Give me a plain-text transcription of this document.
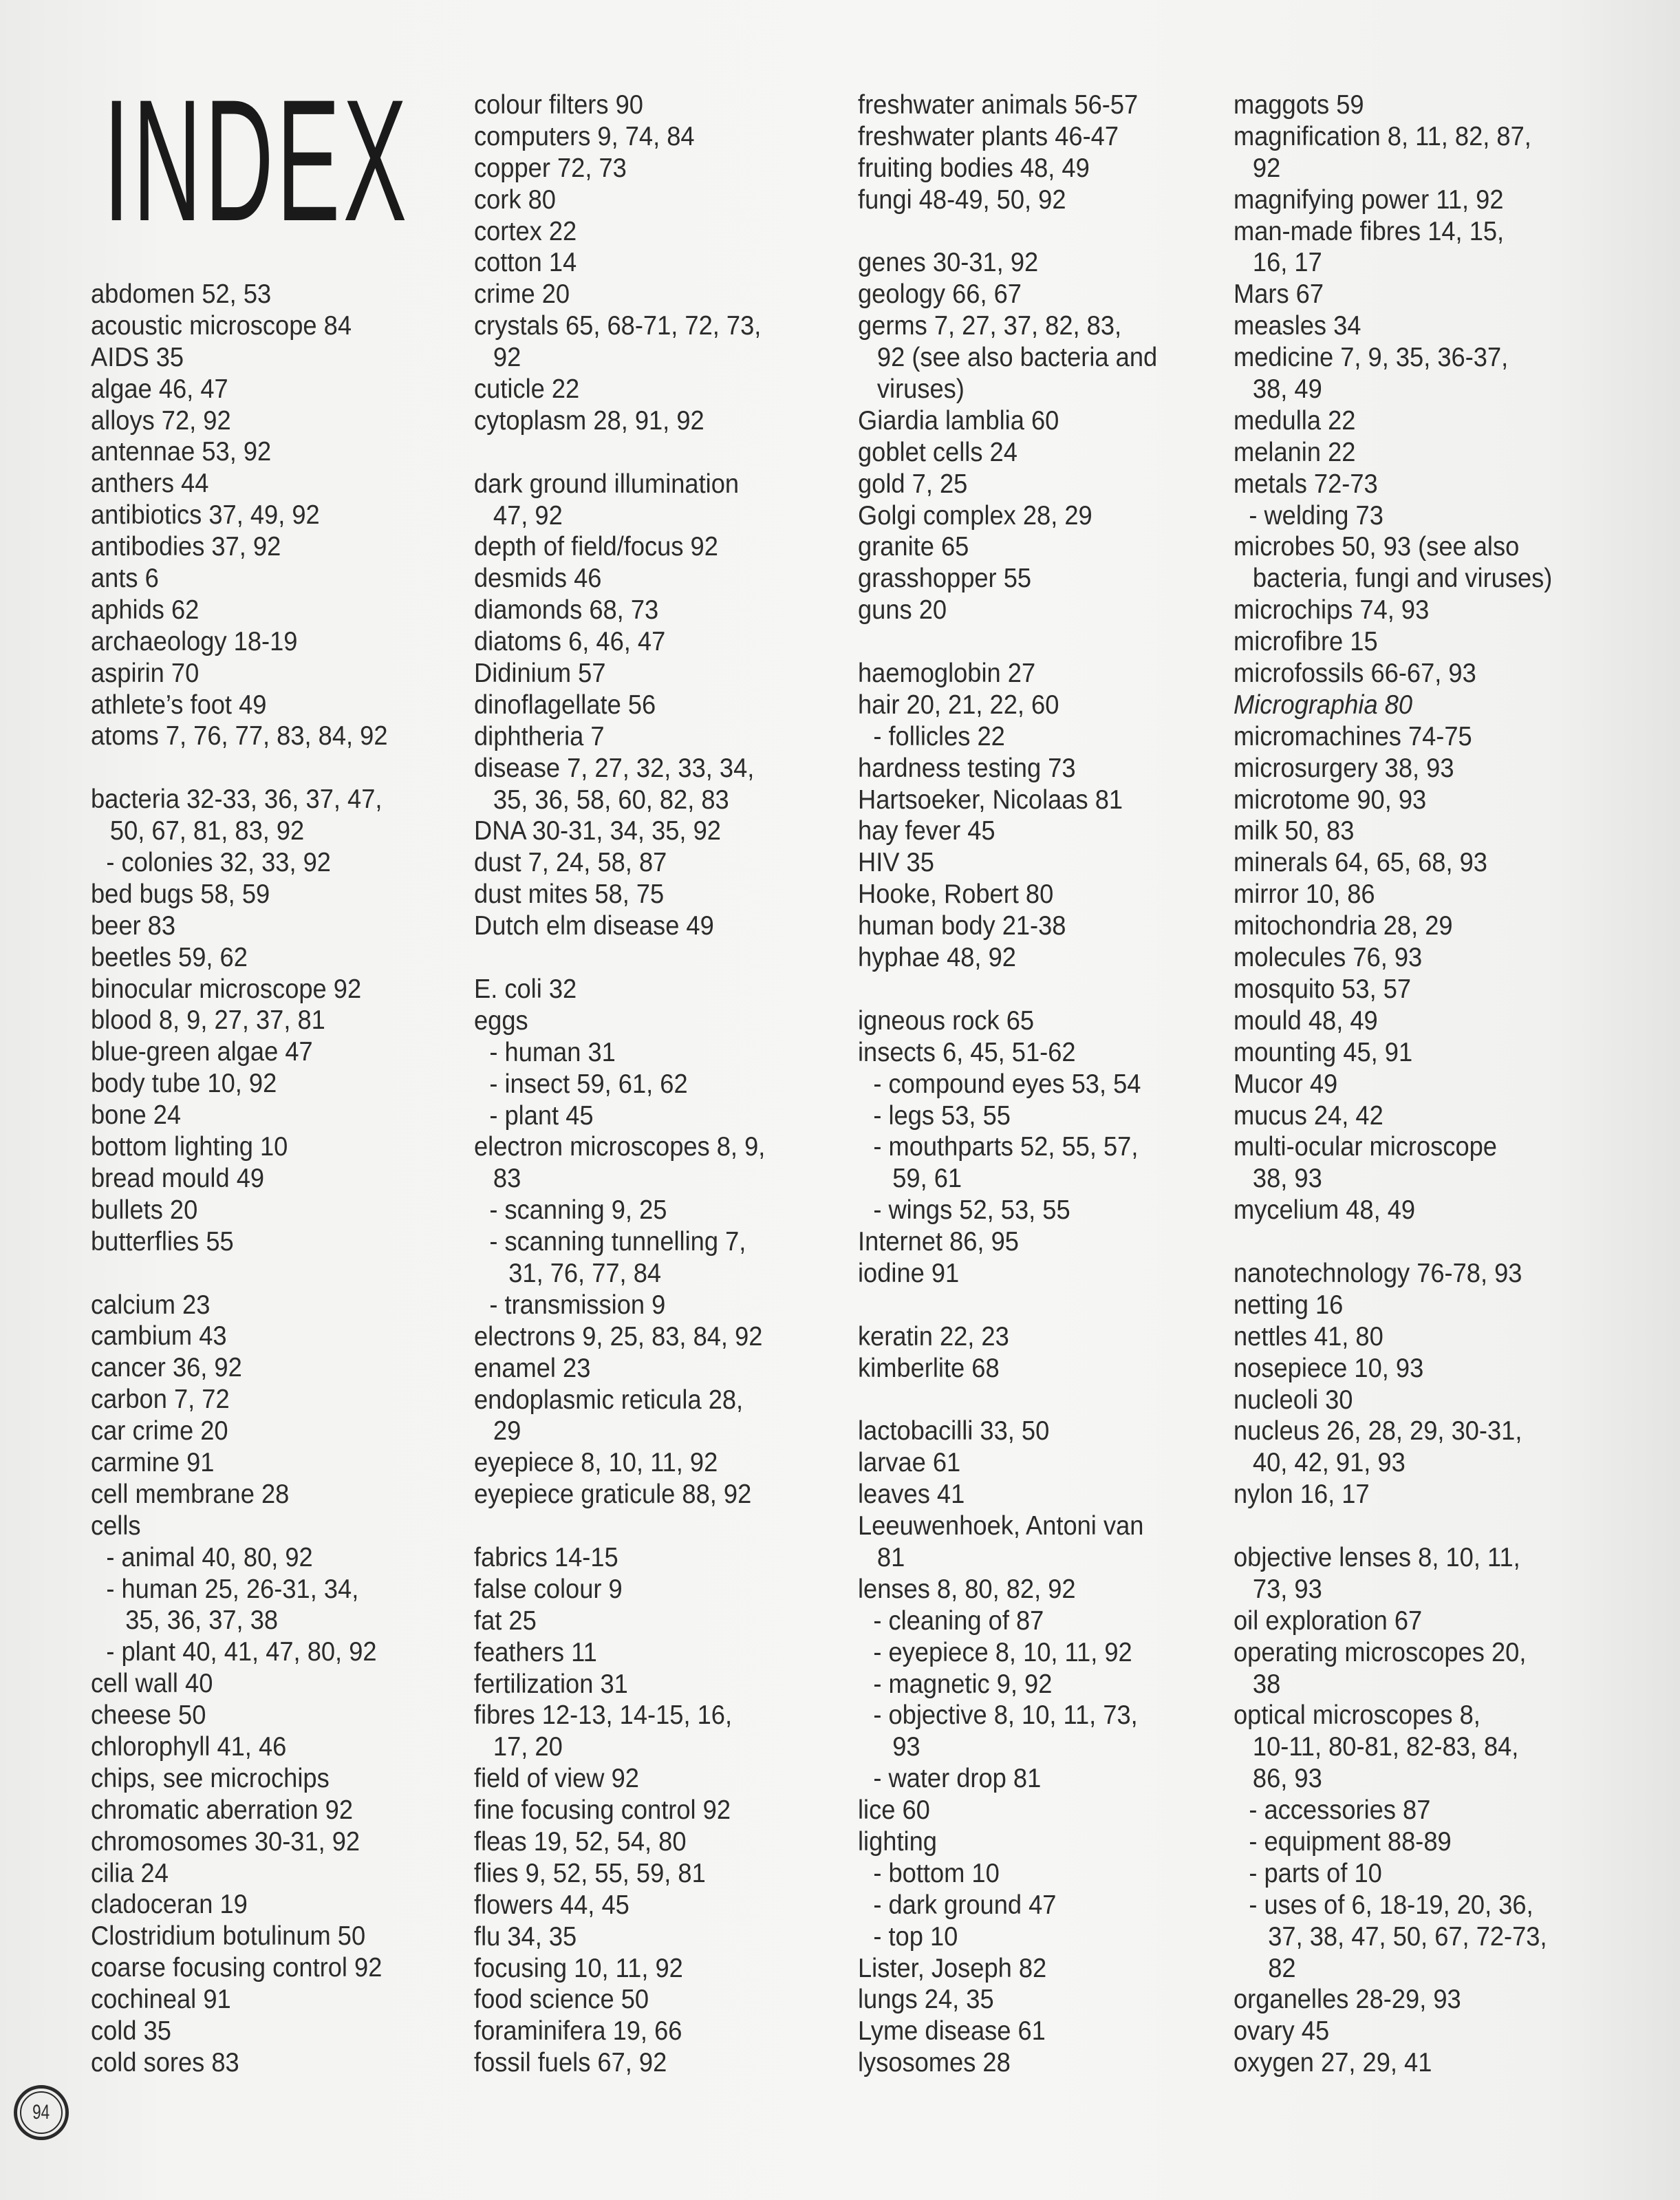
INDEX
abdomen 52, 53
acoustic microscope 84
AIDS 35
algae 46, 47
alloys 72, 92
antennae 53, 92
anthers 44
antibiotics 37, 49, 92
antibodies 37, 92
ants 6
aphids 62
archaeology 18-19
aspirin 70
athlete’s foot 49
atoms 7, 76, 77, 83, 84, 92
bacteria 32-33, 36, 37, 47,
50, 67, 81, 83, 92
- colonies 32, 33, 92
bed bugs 58, 59
beer 83
beetles 59, 62
binocular microscope 92
blood 8, 9, 27, 37, 81
blue-green algae 47
body tube 10, 92
bone 24
bottom lighting 10
bread mould 49
bullets 20
butterflies 55
calcium 23
cambium 43
cancer 36, 92
carbon 7, 72
car crime 20
carmine 91
cell membrane 28
cells
- animal 40, 80, 92
- human 25, 26-31, 34,
35, 36, 37, 38
- plant 40, 41, 47, 80, 92
cell wall 40
cheese 50
chlorophyll 41, 46
chips, see microchips
chromatic aberration 92
chromosomes 30-31, 92
cilia 24
cladoceran 19
Clostridium botulinum 50
coarse focusing control 92
cochineal 91
cold 35
cold sores 83
colour filters 90
computers 9, 74, 84
copper 72, 73
cork 80
cortex 22
cotton 14
crime 20
crystals 65, 68-71, 72, 73,
92
cuticle 22
cytoplasm 28, 91, 92
dark ground illumination
47, 92
depth of field/focus 92
desmids 46
diamonds 68, 73
diatoms 6, 46, 47
Didinium 57
dinoflagellate 56
diphtheria 7
disease 7, 27, 32, 33, 34,
35, 36, 58, 60, 82, 83
DNA 30-31, 34, 35, 92
dust 7, 24, 58, 87
dust mites 58, 75
Dutch elm disease 49
E. coli 32
eggs
- human 31
- insect 59, 61, 62
- plant 45
electron microscopes 8, 9,
83
- scanning 9, 25
- scanning tunnelling 7,
31, 76, 77, 84
- transmission 9
electrons 9, 25, 83, 84, 92
enamel 23
endoplasmic reticula 28,
29
eyepiece 8, 10, 11, 92
eyepiece graticule 88, 92
fabrics 14-15
false colour 9
fat 25
feathers 11
fertilization 31
fibres 12-13, 14-15, 16,
17, 20
field of view 92
fine focusing control 92
fleas 19, 52, 54, 80
flies 9, 52, 55, 59, 81
flowers 44, 45
flu 34, 35
focusing 10, 11, 92
food science 50
foraminifera 19, 66
fossil fuels 67, 92
freshwater animals 56-57
freshwater plants 46-47
fruiting bodies 48, 49
fungi 48-49, 50, 92
genes 30-31, 92
geology 66, 67
germs 7, 27, 37, 82, 83,
92 (see also bacteria and
viruses)
Giardia lamblia 60
goblet cells 24
gold 7, 25
Golgi complex 28, 29
granite 65
grasshopper 55
guns 20
haemoglobin 27
hair 20, 21, 22, 60
- follicles 22
hardness testing 73
Hartsoeker, Nicolaas 81
hay fever 45
HIV 35
Hooke, Robert 80
human body 21-38
hyphae 48, 92
igneous rock 65
insects 6, 45, 51-62
- compound eyes 53, 54
- legs 53, 55
- mouthparts 52, 55, 57,
59, 61
- wings 52, 53, 55
Internet 86, 95
iodine 91
keratin 22, 23
kimberlite 68
lactobacilli 33, 50
larvae 61
leaves 41
Leeuwenhoek, Antoni van
81
lenses 8, 80, 82, 92
- cleaning of 87
- eyepiece 8, 10, 11, 92
- magnetic 9, 92
- objective 8, 10, 11, 73,
93
- water drop 81
lice 60
lighting
- bottom 10
- dark ground 47
- top 10
Lister, Joseph 82
lungs 24, 35
Lyme disease 61
lysosomes 28
maggots 59
magnification 8, 11, 82, 87,
92
magnifying power 11, 92
man-made fibres 14, 15,
16, 17
Mars 67
measles 34
medicine 7, 9, 35, 36-37,
38, 49
medulla 22
melanin 22
metals 72-73
- welding 73
microbes 50, 93 (see also
bacteria, fungi and viruses)
microchips 74, 93
microfibre 15
microfossils 66-67, 93
Micrographia 80
micromachines 74-75
microsurgery 38, 93
microtome 90, 93
milk 50, 83
minerals 64, 65, 68, 93
mirror 10, 86
mitochondria 28, 29
molecules 76, 93
mosquito 53, 57
mould 48, 49
mounting 45, 91
Mucor 49
mucus 24, 42
multi-ocular microscope
38, 93
mycelium 48, 49
nanotechnology 76-78, 93
netting 16
nettles 41, 80
nosepiece 10, 93
nucleoli 30
nucleus 26, 28, 29, 30-31,
40, 42, 91, 93
nylon 16, 17
objective lenses 8, 10, 11,
73, 93
oil exploration 67
operating microscopes 20,
38
optical microscopes 8,
10-11, 80-81, 82-83, 84,
86, 93
- accessories 87
- equipment 88-89
- parts of 10
- uses of 6, 18-19, 20, 36,
37, 38, 47, 50, 67, 72-73,
82
organelles 28-29, 93
ovary 45
oxygen 27, 29, 41
94
